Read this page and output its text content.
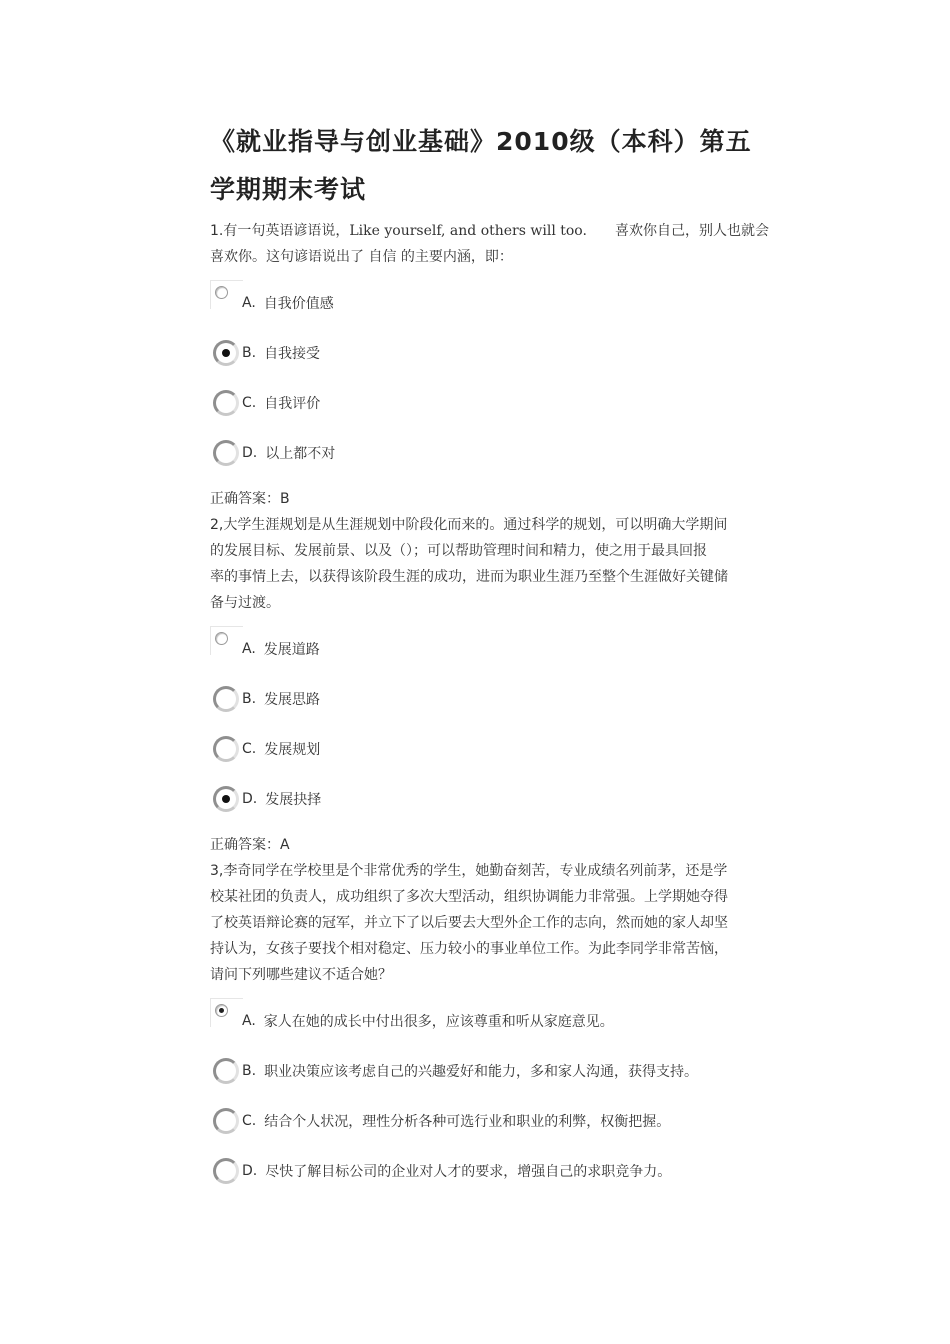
《就业指导与创业基础》2010级（本科）第五
学期期末考试

1.有一句英语谚语说，Like yourself, and others will too.　　喜欢你自己，别人也就会

喜欢你。这句谚语说出了 自信 的主要内涵，即：

A. 自我价值感
B. 自我接受
C. 自我评价
D. 以上都不对

正确答案：B

2,大学生涯规划是从生涯规划中阶段化而来的。通过科学的规划，可以明确大学期间

的发展目标、发展前景、以及（）；可以帮助管理时间和精力，使之用于最具回报

率的事情上去，以获得该阶段生涯的成功，进而为职业生涯乃至整个生涯做好关键储

备与过渡。

A. 发展道路
B. 发展思路
C. 发展规划
D. 发展抉择

正确答案：A

3,李奇同学在学校里是个非常优秀的学生，她勤奋刻苦，专业成绩名列前茅，还是学

校某社团的负责人，成功组织了多次大型活动，组织协调能力非常强。上学期她夺得

了校英语辩论赛的冠军，并立下了以后要去大型外企工作的志向，然而她的家人却坚

持认为，女孩子要找个相对稳定、压力较小的事业单位工作。为此李同学非常苦恼，

请问下列哪些建议不适合她？

A. 家人在她的成长中付出很多，应该尊重和听从家庭意见。
B. 职业决策应该考虑自己的兴趣爱好和能力，多和家人沟通，获得支持。
C. 结合个人状况，理性分析各种可选行业和职业的利弊，权衡把握。
D. 尽快了解目标公司的企业对人才的要求，增强自己的求职竞争力。
